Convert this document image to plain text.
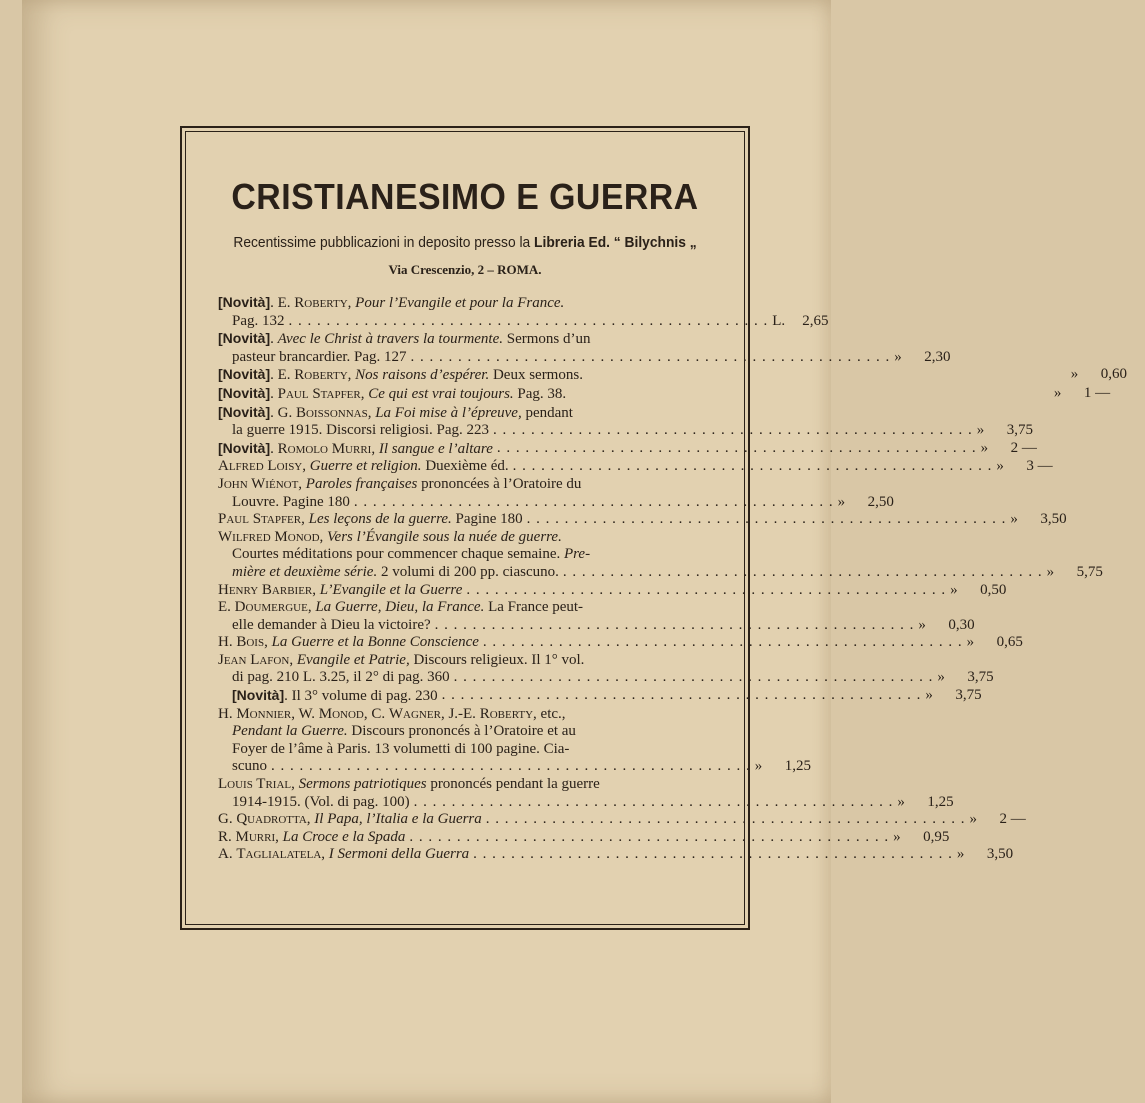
CRISTIANESIMO E GUERRA
Recentissime pubblicazioni in deposito presso la Libreria Ed. “ Bilychnis „
Via Crescenzio, 2 – ROMA.
[Novità]. E. Roberty, Pour l’Evangile et pour la France.
Pag. 132 . . .	L.	2,65
[Novità]. Avec le Christ à travers la tourmente. Sermons d’un
pasteur brancardier. Pag. 127 . . .	»	2,30
[Novità]. E. Roberty, Nos raisons d’espérer. Deux sermons.	»	0,60
[Novità]. Paul Stapfer, Ce qui est vrai toujours. Pag. 38.	»	1 —
[Novità]. G. Boissonnas, La Foi mise à l’épreuve, pendant
la guerre 1915. Discorsi religiosi. Pag. 223 . . .	»	3,75
[Novità]. Romolo Murri, Il sangue e l’altare . . .	»	2 —
Alfred Loisy, Guerre et religion. Duexième éd. . . .	»	3 —
John Wiénot, Paroles françaises prononcées à l’Oratoire du
Louvre. Pagine 180 . . .	»	2,50
Paul Stapfer, Les leçons de la guerre. Pagine 180 . . .	»	3,50
Wilfred Monod, Vers l’Évangile sous la nuée de guerre.
Courtes méditations pour commencer chaque semaine. Pre-
mière et deuxième série. 2 volumi di 200 pp. ciascuno. . . .	»	5,75
Henry Barbier, L’Evangile et la Guerre . . .	»	0,50
E. Doumergue, La Guerre, Dieu, la France. La France peut-
elle demander à Dieu la victoire? . . .	»	0,30
H. Bois, La Guerre et la Bonne Conscience . . .	»	0,65
Jean Lafon, Evangile et Patrie, Discours religieux. Il 1° vol.
di pag. 210 L. 3.25, il 2° di pag. 360 . . .	»	3,75
[Novità]. Il 3° volume di pag. 230 . . .	»	3,75
H. Monnier, W. Monod, C. Wagner, J.-E. Roberty, etc.,
Pendant la Guerre. Discours prononcés à l’Oratoire et au
Foyer de l’âme à Paris. 13 volumetti di 100 pagine. Cia-
scuno . . .	»	1,25
Louis Trial, Sermons patriotiques prononcés pendant la guerre
1914-1915. (Vol. di pag. 100) . . .	»	1,25
G. Quadrotta, Il Papa, l’Italia e la Guerra . . .	»	2 —
R. Murri, La Croce e la Spada . . .	»	0,95
A. Taglialatela, I Sermoni della Guerra . . .	»	3,50
